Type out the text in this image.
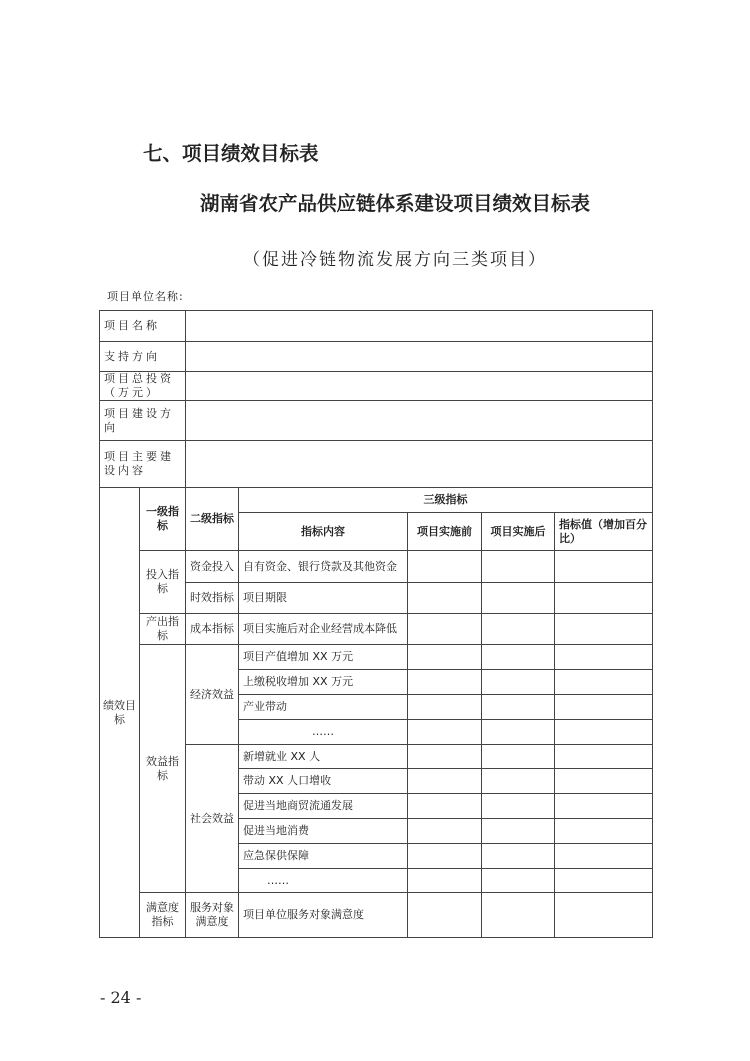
七、项目绩效目标表
湖南省农产品供应链体系建设项目绩效目标表
（促进冷链物流发展方向三类项目）
项目单位名称:
项目名称						
支持方向						
项目总投资（万元）						
项目建设方向						
项目主要建设内容						
绩效目标	一级指标	二级指标	三级指标			
			指标内容	项目实施前	项目实施后	指标值（增加百分比）
	投入指标	资金投入	自有资金、银行贷款及其他资金			
		时效指标	项目期限			
	产出指标	成本指标	项目实施后对企业经营成本降低			
	效益指标	经济效益	项目产值增加 XX 万元			
			上缴税收增加 XX 万元			
			产业带动			
			……			
		社会效益	新增就业 XX 人			
			带动 XX 人口增收			
			促进当地商贸流通发展			
			促进当地消费			
			应急保供保障			
			……			
	满意度指标	服务对象满意度	项目单位服务对象满意度			
- 24 -
